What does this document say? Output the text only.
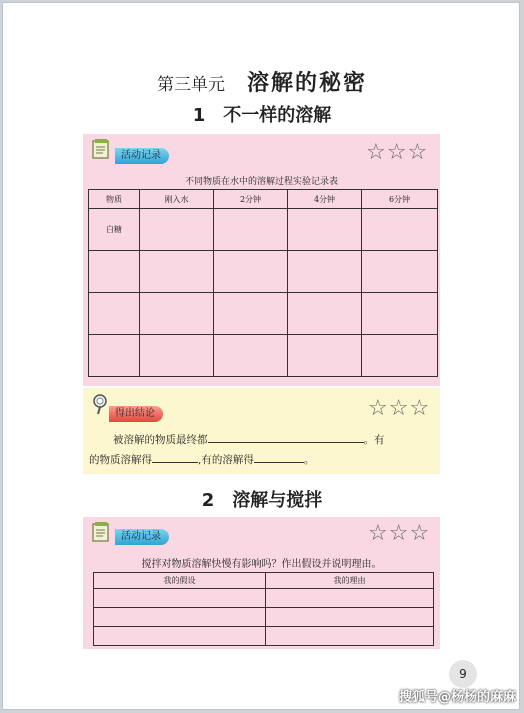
第三单元 溶解的秘密
1 不一样的溶解
活动记录	☆☆☆
不同物质在水中的溶解过程实验记录表
物质	刚入水	2分钟	4分钟	6分钟
白糖				

得出结论	☆☆☆
被溶解的物质最终都	。有
的物质溶解得	,有的溶解得	。
2 溶解与搅拌
活动记录	☆☆☆
搅拌对物质溶解快慢有影响吗？作出假设并说明理由。
我的假设	我的理由

9
搜狐号@杨杨的麻麻
